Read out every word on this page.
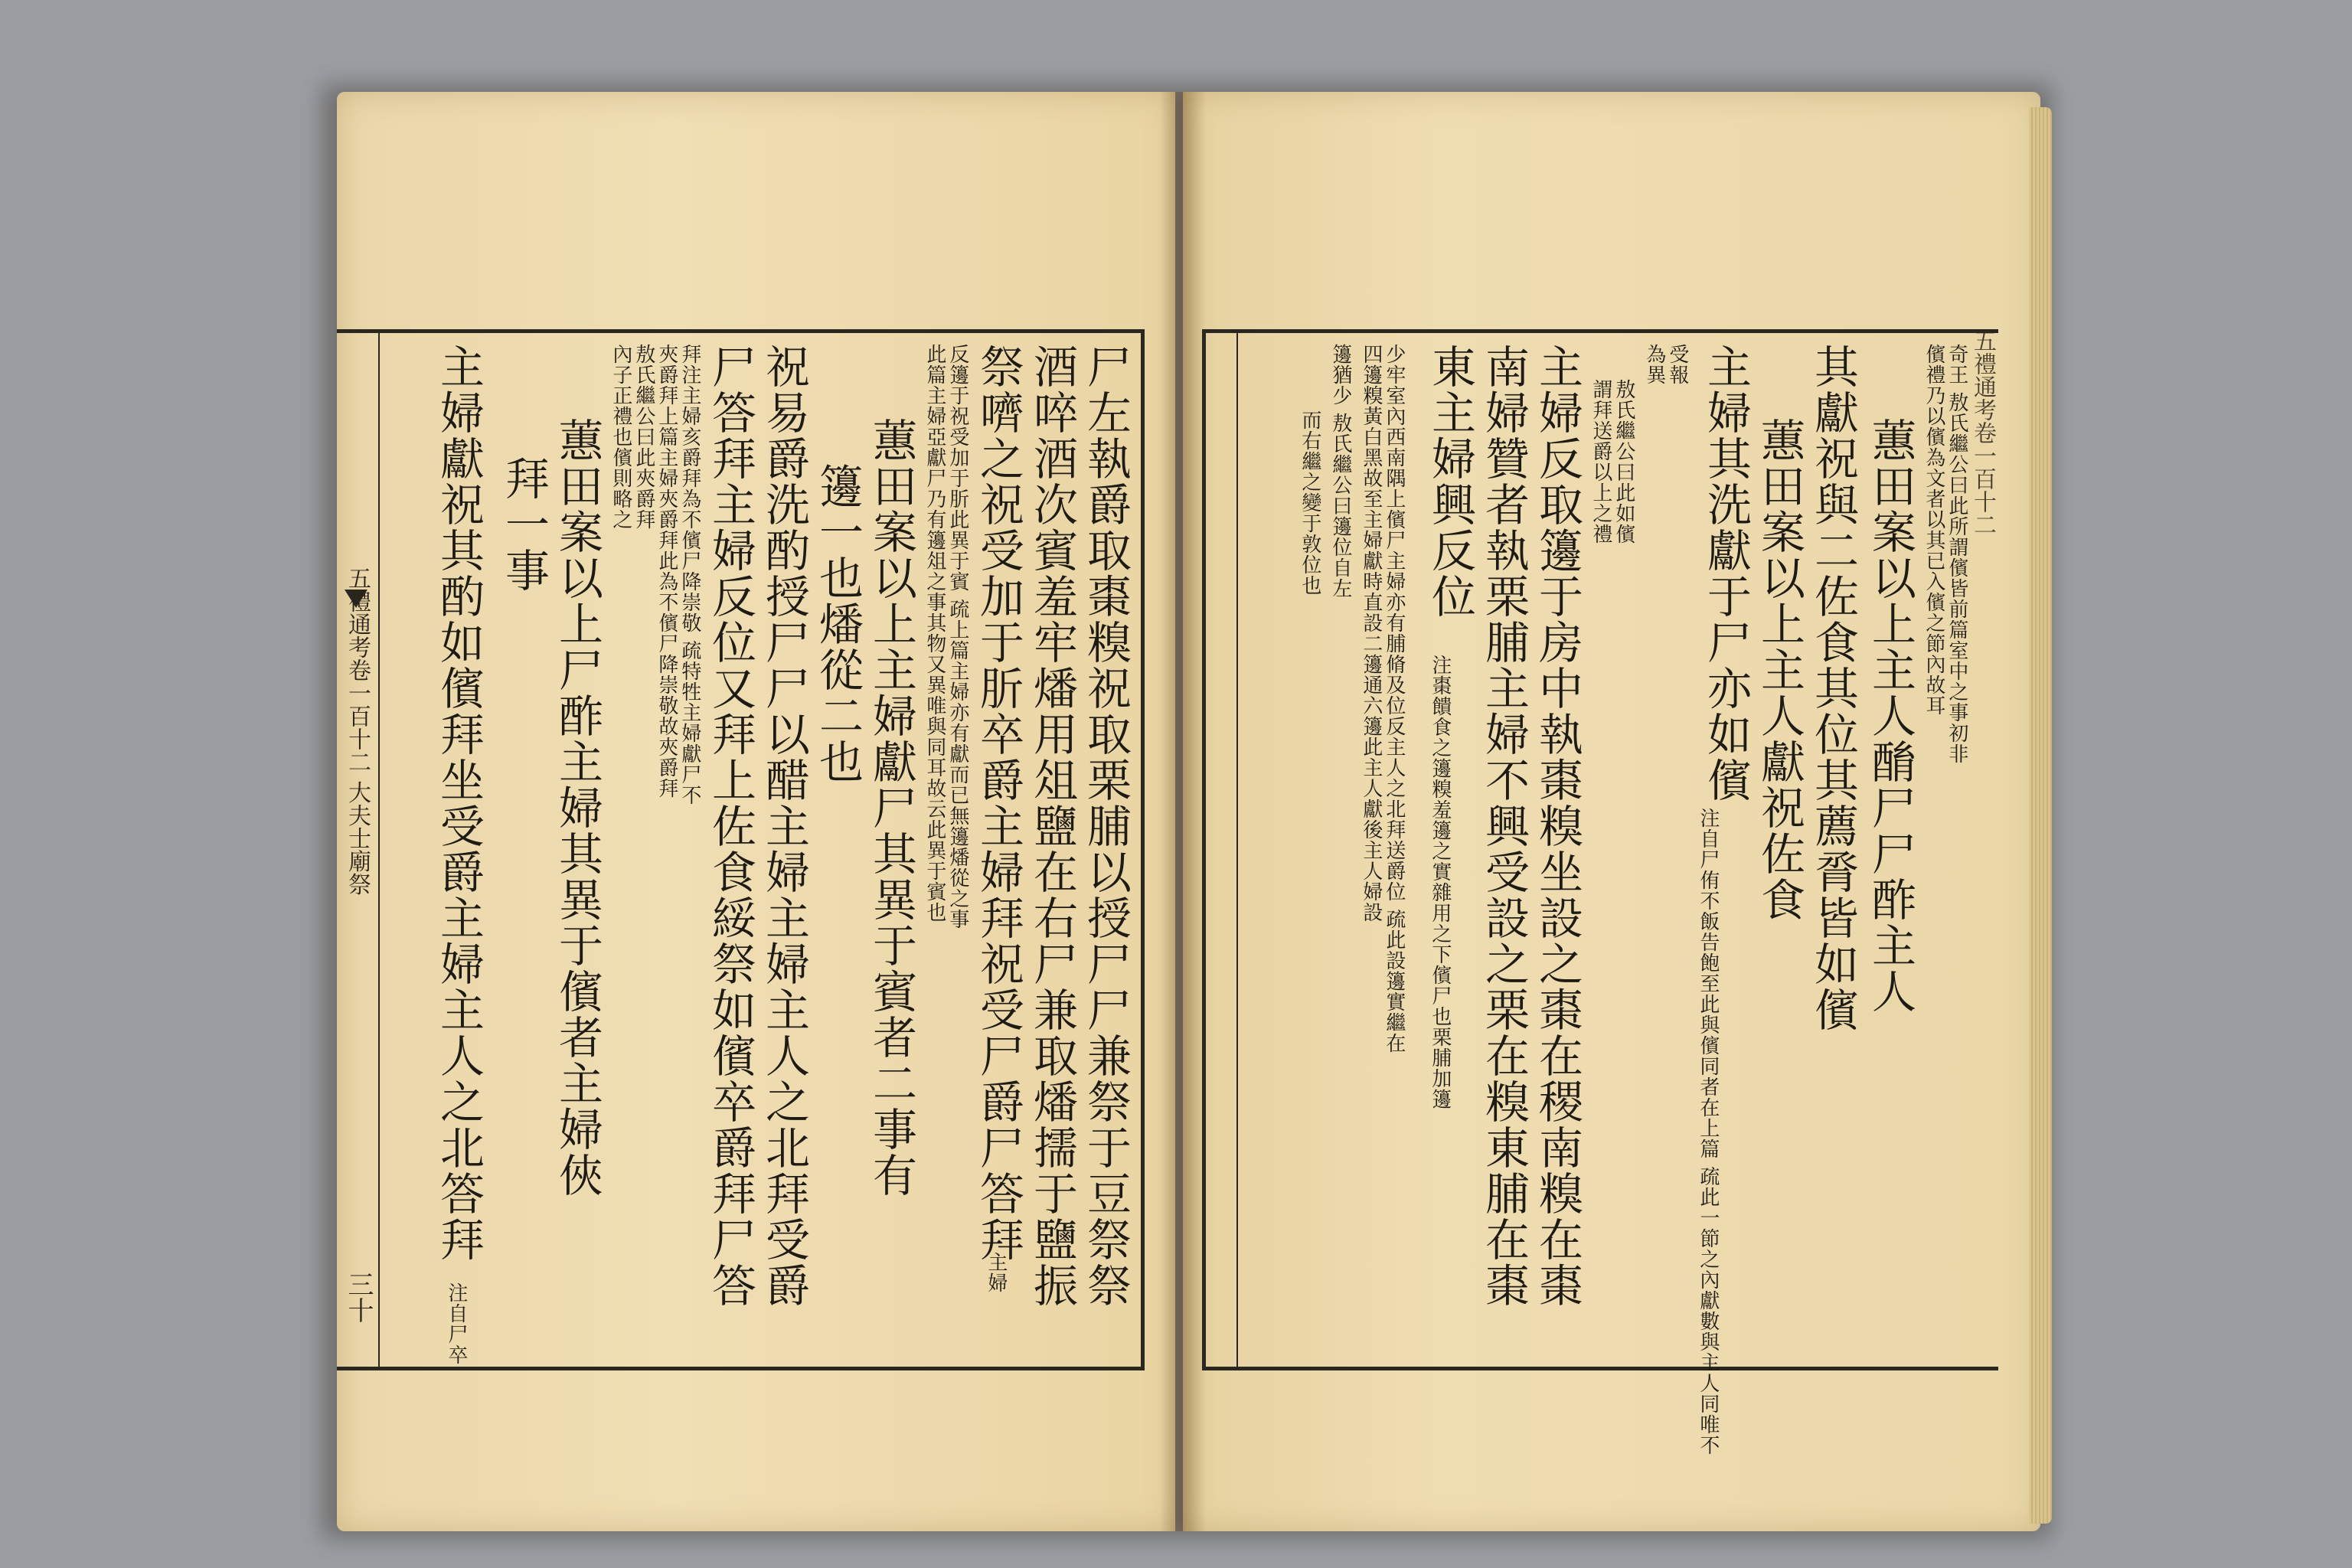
尸左執爵取棗糗祝取栗脯以授尸尸兼祭于豆祭祭
酒啐酒次賓羞牢燔用俎鹽在右尸兼取燔擩于鹽振
祭嚌之祝受加于肵卒爵主婦拜祝受尸爵尸答拜
主婦
反籩于祝受加于肵此異于賓 疏上篇主婦亦有獻而已無籩燔從之事
此篇主婦亞獻尸乃有籩俎之事其物又異唯與同耳故云此異于賓也
蕙田案以上主婦獻尸其異于賓者二事有
籩一也燔從二也
祝易爵洗酌授尸尸以醋主婦主婦主人之北拜受爵
尸答拜主婦反位又拜上佐食綏祭如儐卒爵拜尸答
拜注主婦亥爵拜為不儐尸降崇敬 疏特牲主婦獻尸不
夾爵拜上篇主婦夾爵拜此為不儐尸降崇敬故夾爵拜
敖氏繼公曰此夾爵拜
內子正禮也儐則略之
蕙田案以上尸酢主婦其異于儐者主婦俠
拜一事
主婦獻祝其酌如儐拜坐受爵主婦主人之北答拜
注自尸卒
五禮通考卷一百十二 大夫士廟祭
三十
奇王 敖氏繼公曰此所謂儐皆前篇室中之事初非
儐禮乃以儐為文者以其已入儐之節內故耳
蕙田案以上主人酳尸尸酢主人
其獻祝與二佐食其位其薦脀皆如儐
蕙田案以上主人獻祝佐食
主婦其洗獻于尸亦如儐
注自尸侑不飯告飽至此與儐同者在上篇 疏此一節之內獻數與主人同唯不
受報
為異
敖氏繼公曰此如儐
謂拜送爵以上之禮
主婦反取籩于房中執棗糗坐設之棗在稷南糗在棗
南婦贊者執栗脯主婦不興受設之栗在糗東脯在棗
東主婦興反位
注棗饋食之籩糗羞籩之實雜用之下儐尸也栗脯加籩
少牢室內西南隅上儐尸主婦亦有脯脩及位反主人之北拜送爵位 疏此設籩實繼在
四籩糗黃白黑故至主婦獻時直設二籩通六籩此主人獻後主人婦設
籩猶少 敖氏繼公曰籩位自左
而右繼之變于敦位也	五禮通考卷一百十二
